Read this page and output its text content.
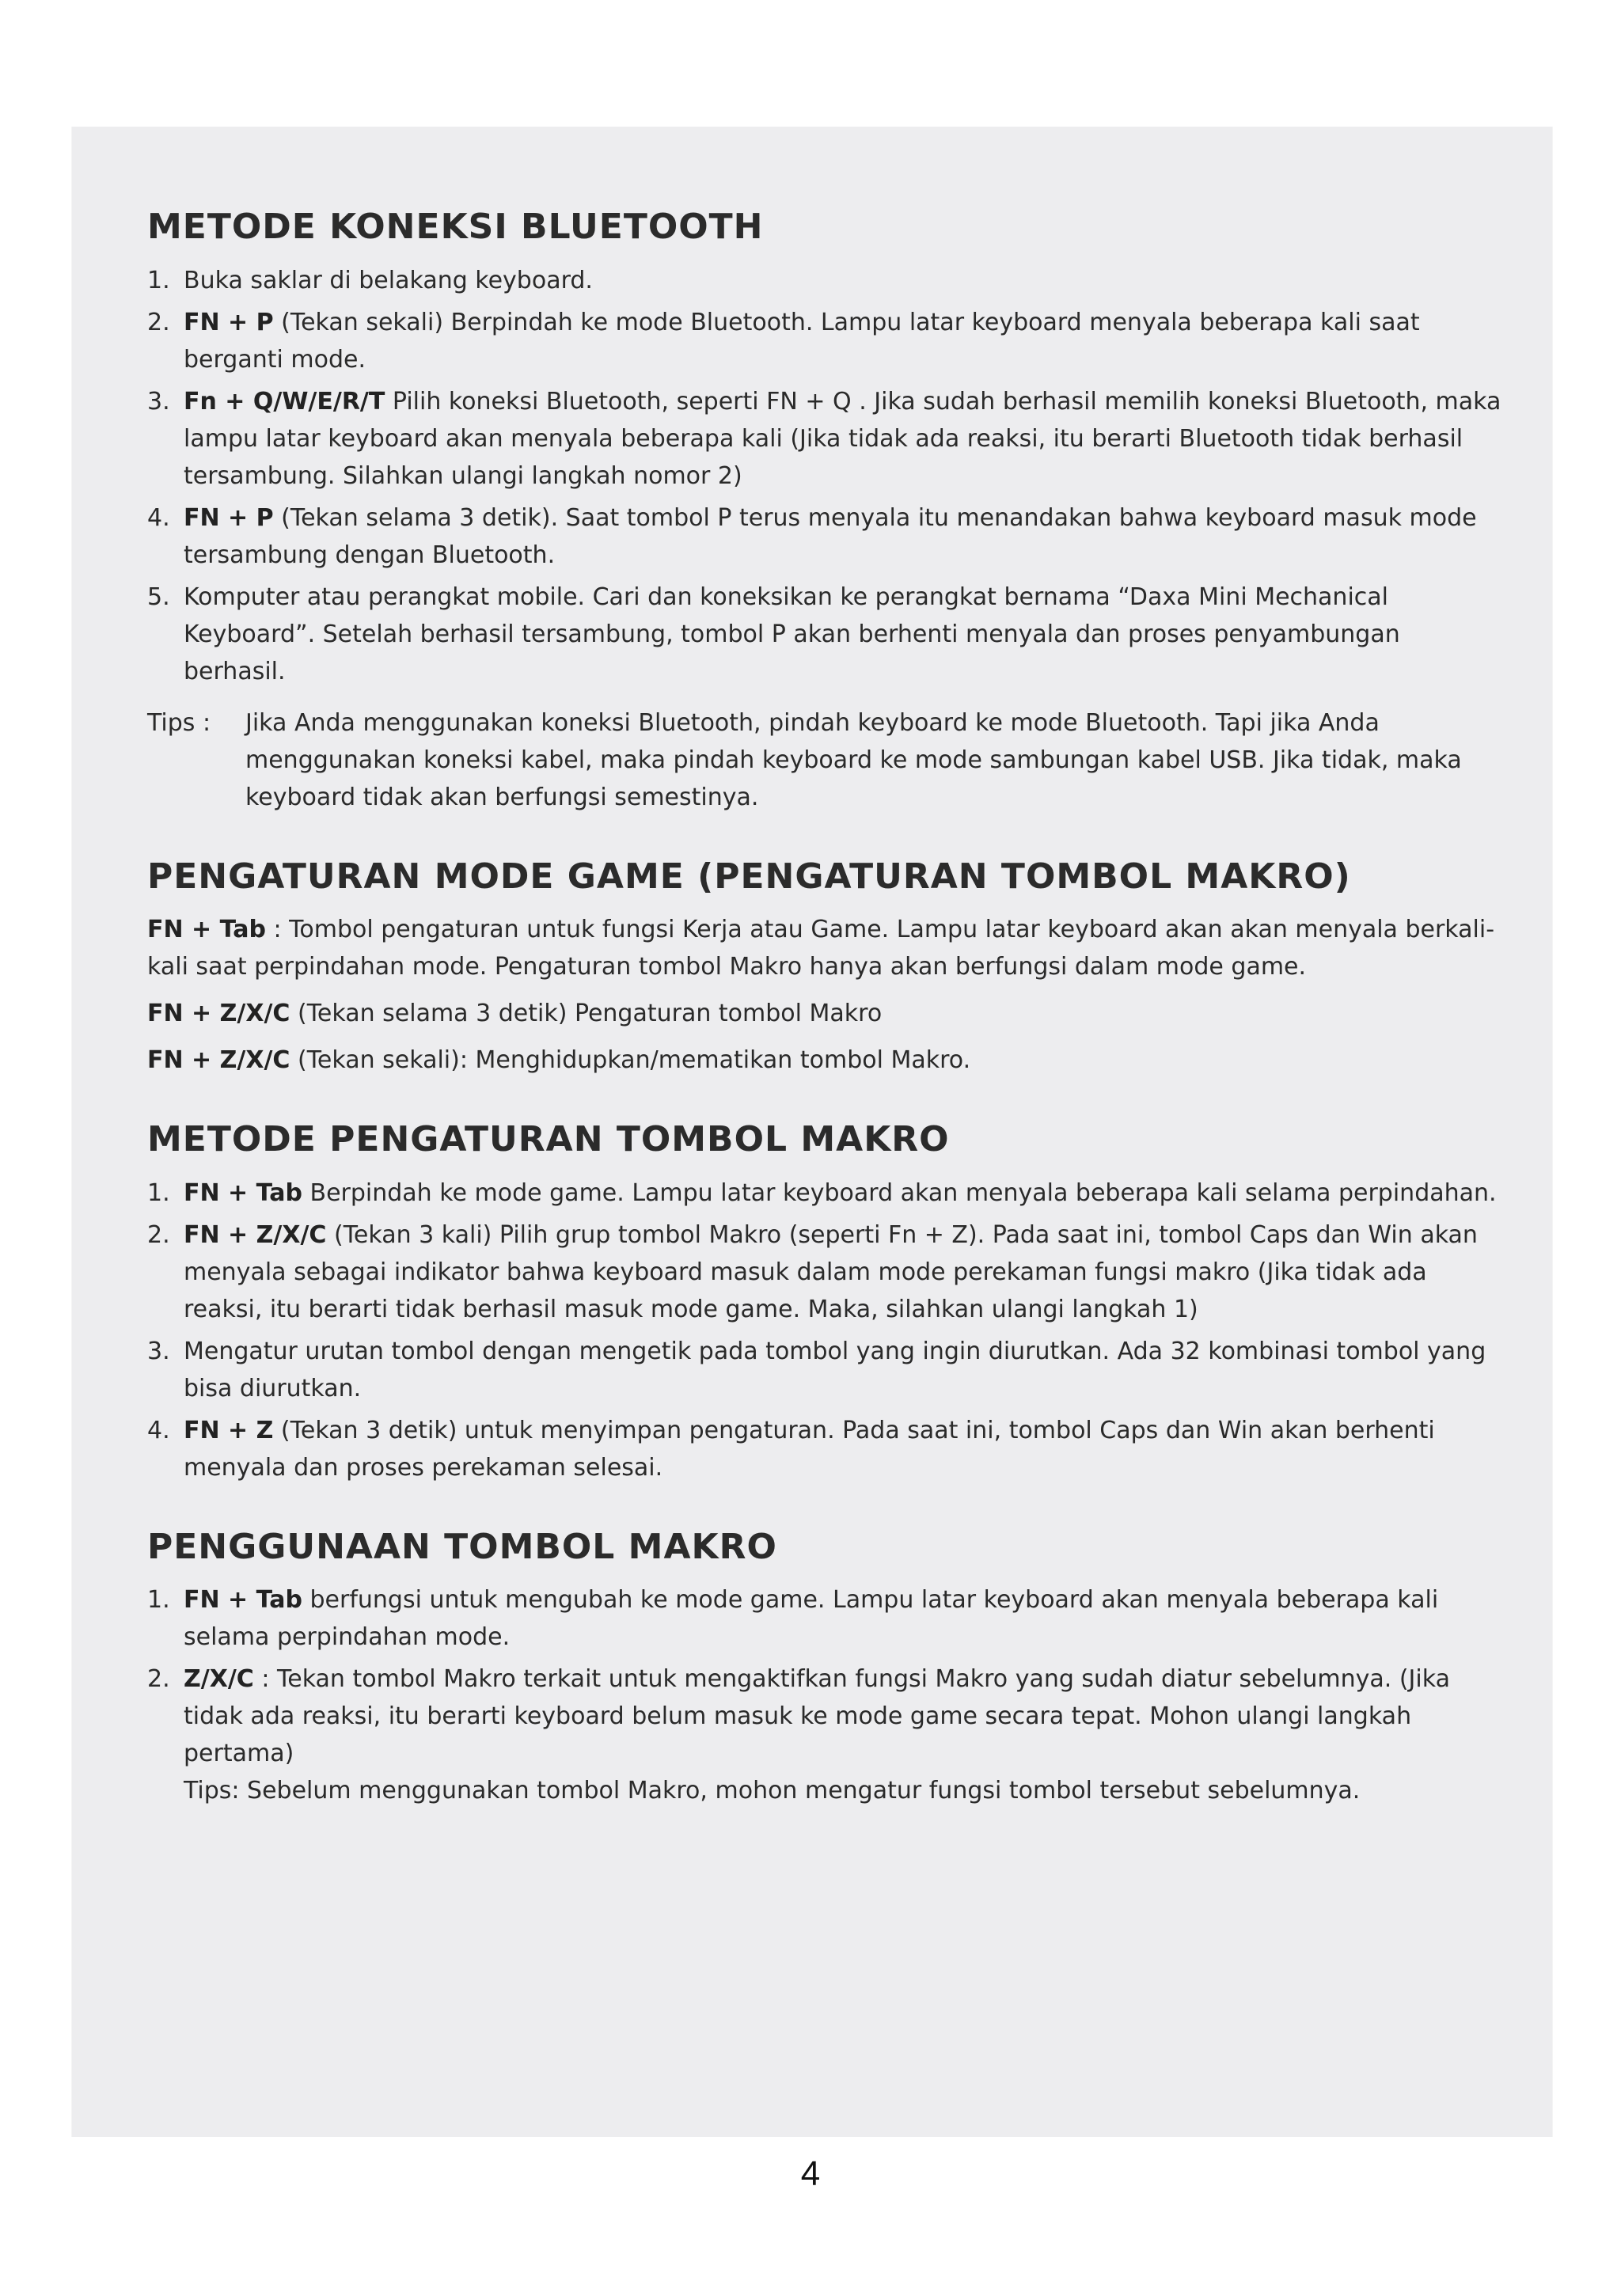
METODE KONEKSI BLUETOOTH
1. Buka saklar di belakang keyboard.
2. FN + P (Tekan sekali) Berpindah ke mode Bluetooth. Lampu latar keyboard menyala beberapa kali saat berganti mode.
3. Fn + Q/W/E/R/T Pilih koneksi Bluetooth, seperti FN + Q . Jika sudah berhasil memilih koneksi Bluetooth, maka lampu latar keyboard akan menyala beberapa kali (Jika tidak ada reaksi, itu berarti Bluetooth tidak berhasil tersambung. Silahkan ulangi langkah nomor 2)
4. FN + P (Tekan selama 3 detik). Saat tombol P terus menyala itu menandakan bahwa keyboard masuk mode tersambung dengan Bluetooth.
5. Komputer atau perangkat mobile. Cari dan koneksikan ke perangkat bernama “Daxa Mini Mechanical Keyboard”. Setelah berhasil tersambung, tombol P akan berhenti menyala dan proses penyambungan berhasil.
Tips : Jika Anda menggunakan koneksi Bluetooth, pindah keyboard ke mode Bluetooth. Tapi jika Anda menggunakan koneksi kabel, maka pindah keyboard ke mode sambungan kabel USB. Jika tidak, maka keyboard tidak akan berfungsi semestinya.
PENGATURAN MODE GAME (PENGATURAN TOMBOL MAKRO)

FN + Tab : Tombol pengaturan untuk fungsi Kerja atau Game. Lampu latar keyboard akan akan menyala berkali-kali saat perpindahan mode. Pengaturan tombol Makro hanya akan berfungsi dalam mode game.

FN + Z/X/C (Tekan selama 3 detik) Pengaturan tombol Makro

FN + Z/X/C (Tekan sekali): Menghidupkan/mematikan tombol Makro.

METODE PENGATURAN TOMBOL MAKRO
1. FN + Tab Berpindah ke mode game. Lampu latar keyboard akan menyala beberapa kali selama perpindahan.
2. FN + Z/X/C (Tekan 3 kali) Pilih grup tombol Makro (seperti Fn + Z). Pada saat ini, tombol Caps dan Win akan menyala sebagai indikator bahwa keyboard masuk dalam mode perekaman fungsi makro (Jika tidak ada reaksi, itu berarti tidak berhasil masuk mode game. Maka, silahkan ulangi langkah 1)
3. Mengatur urutan tombol dengan mengetik pada tombol yang ingin diurutkan. Ada 32 kombinasi tombol yang bisa diurutkan.
4. FN + Z (Tekan 3 detik) untuk menyimpan pengaturan. Pada saat ini, tombol Caps dan Win akan berhenti menyala dan proses perekaman selesai.
PENGGUNAAN TOMBOL MAKRO
1. FN + Tab berfungsi untuk mengubah ke mode game. Lampu latar keyboard akan menyala beberapa kali selama perpindahan mode.
2. Z/X/C : Tekan tombol Makro terkait untuk mengaktifkan fungsi Makro yang sudah diatur sebelumnya. (Jika tidak ada reaksi, itu berarti keyboard belum masuk ke mode game secara tepat. Mohon ulangi langkah pertama)
Tips: Sebelum menggunakan tombol Makro, mohon mengatur fungsi tombol tersebut sebelumnya.
4
